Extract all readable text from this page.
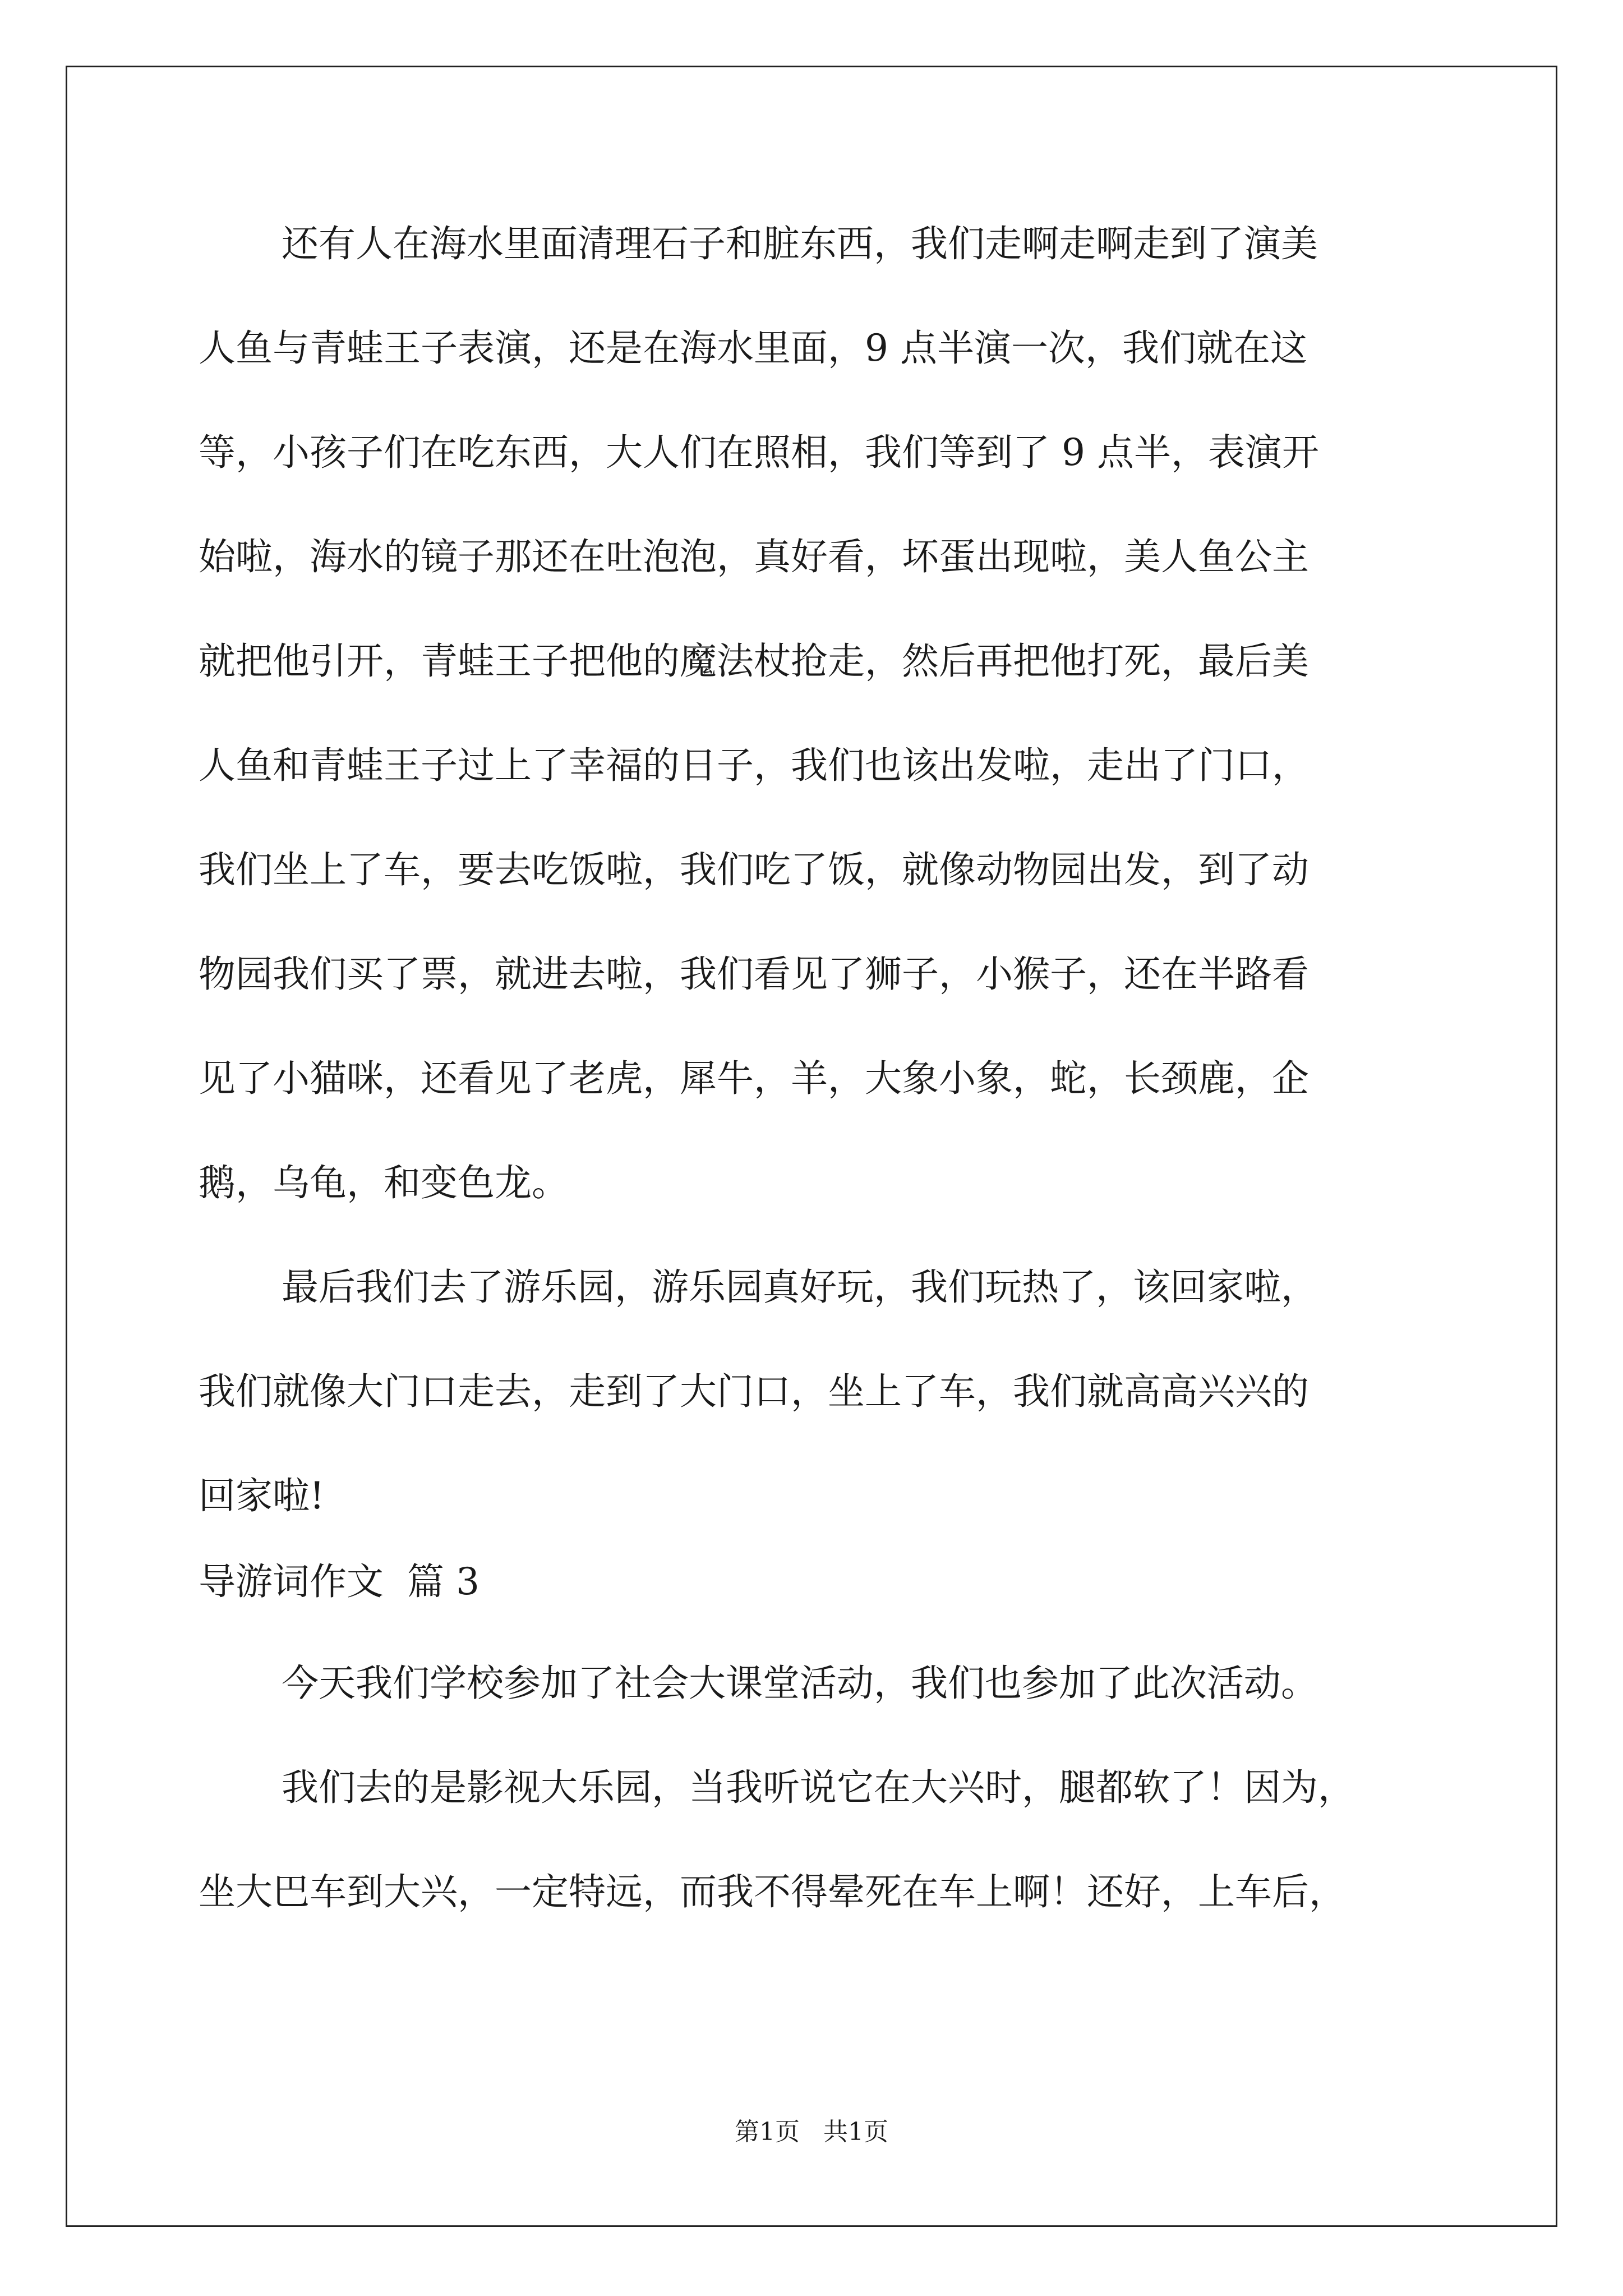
还有人在海水里面清理石子和脏东西，我们走啊走啊走到了演美
人鱼与青蛙王子表演，还是在海水里面，9 点半演一次，我们就在这
等，小孩子们在吃东西，大人们在照相，我们等到了 9 点半，表演开
始啦，海水的镜子那还在吐泡泡，真好看，坏蛋出现啦，美人鱼公主
就把他引开，青蛙王子把他的魔法杖抢走，然后再把他打死，最后美
人鱼和青蛙王子过上了幸福的日子，我们也该出发啦，走出了门口，
我们坐上了车，要去吃饭啦，我们吃了饭，就像动物园出发，到了动
物园我们买了票，就进去啦，我们看见了狮子，小猴子，还在半路看
见了小猫咪，还看见了老虎，犀牛，羊，大象小象，蛇，长颈鹿，企
鹅，乌龟，和变色龙。
最后我们去了游乐园，游乐园真好玩，我们玩热了，该回家啦，
我们就像大门口走去，走到了大门口，坐上了车，我们就高高兴兴的
回家啦!
导游词作文  篇 3
今天我们学校参加了社会大课堂活动，我们也参加了此次活动。
我们去的是影视大乐园，当我听说它在大兴时，腿都软了！因为，
坐大巴车到大兴，一定特远，而我不得晕死在车上啊！还好，上车后，
第1页   共1页
